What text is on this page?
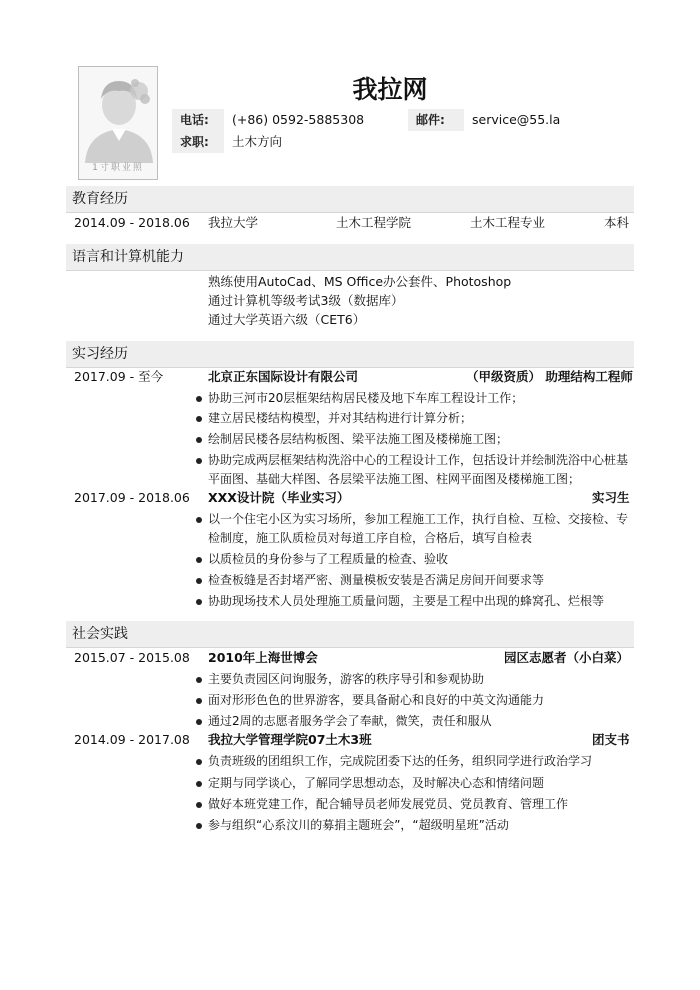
1寸职业照
我拉网
电话:	(+86) 0592-5885308	邮件:	service@55.la
求职:	土木方向
教育经历
2014.09 - 2018.06 我拉大学	土木工程学院	土木工程专业	本科
语言和计算机能力
熟练使用AutoCad、MS Office办公套件、Photoshop
通过计算机等级考试3级（数据库）
通过大学英语六级（CET6）
实习经历
2017.09 - 至今	北京正东国际设计有限公司	（甲级资质） 助理结构工程师
协助三河市20层框架结构居民楼及地下车库工程设计工作；
建立居民楼结构模型，并对其结构进行计算分析；
绘制居民楼各层结构板图、梁平法施工图及楼梯施工图；
协助完成两层框架结构洗浴中心的工程设计工作，包括设计并绘制洗浴中心桩基平面图、基础大样图、各层梁平法施工图、柱网平面图及楼梯施工图；
2017.09 - 2018.06 XXX设计院（毕业实习）	实习生
以一个住宅小区为实习场所，参加工程施工工作，执行自检、互检、交接检、专检制度，施工队质检员对每道工序自检，合格后，填写自检表
以质检员的身份参与了工程质量的检查、验收
检查板缝是否封堵严密、测量模板安装是否满足房间开间要求等
协助现场技术人员处理施工质量问题，主要是工程中出现的蜂窝孔、烂根等
社会实践
2015.07 - 2015.08 2010年上海世博会	园区志愿者（小白菜）
主要负责园区问询服务，游客的秩序导引和参观协助
面对形形色色的世界游客，要具备耐心和良好的中英文沟通能力
通过2周的志愿者服务学会了奉献，微笑，责任和服从
2014.09 - 2017.08 我拉大学管理学院07土木3班	团支书
负责班级的团组织工作，完成院团委下达的任务，组织同学进行政治学习
定期与同学谈心，了解同学思想动态，及时解决心态和情绪问题
做好本班党建工作，配合辅导员老师发展党员、党员教育、管理工作
参与组织“心系汶川的募捐主题班会”，“超级明星班”活动
